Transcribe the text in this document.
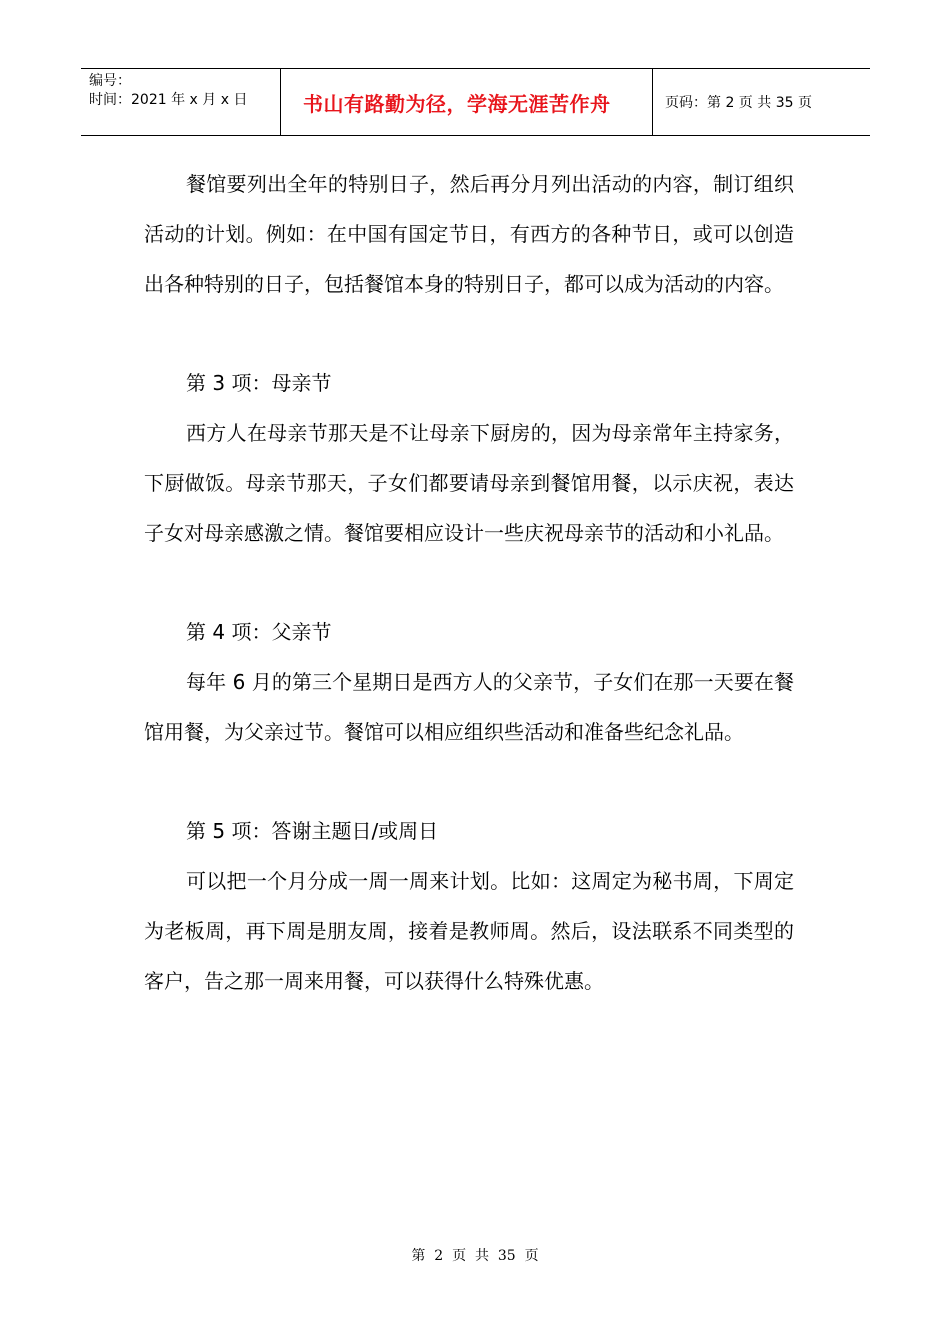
编号：
时间：2021 年 x 月 x 日	书山有路勤为径，学海无涯苦作舟	页码：第 2 页 共 35 页

餐馆要列出全年的特别日子，然后再分月列出活动的内容，制订组织活动的计划。例如：在中国有国定节日，有西方的各种节日，或可以创造出各种特别的日子，包括餐馆本身的特别日子，都可以成为活动的内容。

第 3 项：母亲节

西方人在母亲节那天是不让母亲下厨房的，因为母亲常年主持家务，下厨做饭。母亲节那天，子女们都要请母亲到餐馆用餐，以示庆祝，表达子女对母亲感激之情。餐馆要相应设计一些庆祝母亲节的活动和小礼品。

第 4 项：父亲节

每年 6 月的第三个星期日是西方人的父亲节，子女们在那一天要在餐馆用餐，为父亲过节。餐馆可以相应组织些活动和准备些纪念礼品。

第 5 项：答谢主题日/或周日

可以把一个月分成一周一周来计划。比如：这周定为秘书周，下周定为老板周，再下周是朋友周，接着是教师周。然后，设法联系不同类型的客户，告之那一周来用餐，可以获得什么特殊优惠。

第  2  页  共  35  页
